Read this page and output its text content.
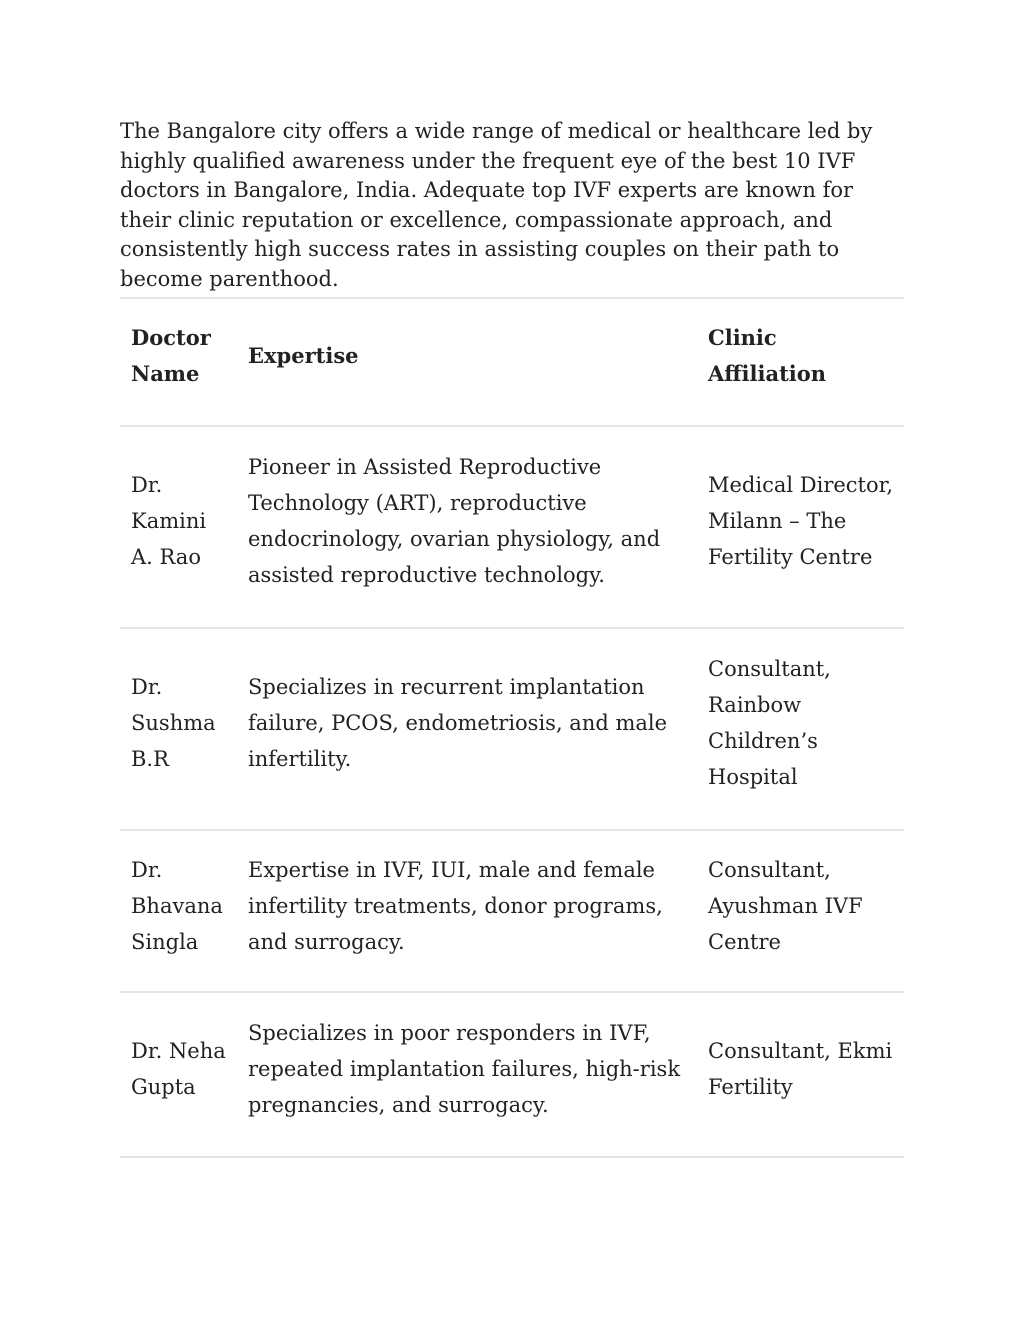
The Bangalore city offers a wide range of medical or healthcare led by highly qualified awareness under the frequent eye of the best 10 IVF doctors in Bangalore, India. Adequate top IVF experts are known for their clinic reputation or excellence, compassionate approach, and consistently high success rates in assisting couples on their path to become parenthood.

Doctor Name	Expertise	Clinic Affiliation
Dr. Kamini A. Rao	Pioneer in Assisted Reproductive Technology (ART), reproductive endocrinology, ovarian physiology, and assisted reproductive technology.	Medical Director, Milann – The Fertility Centre
Dr. Sushma B.R	Specializes in recurrent implantation failure, PCOS, endometriosis, and male infertility.	Consultant, Rainbow Children’s Hospital
Dr. Bhavana Singla	Expertise in IVF, IUI, male and female infertility treatments, donor programs, and surrogacy.	Consultant, Ayushman IVF Centre
Dr. Neha Gupta	Specializes in poor responders in IVF, repeated implantation failures, high-risk pregnancies, and surrogacy.	Consultant, Ekmi Fertility
